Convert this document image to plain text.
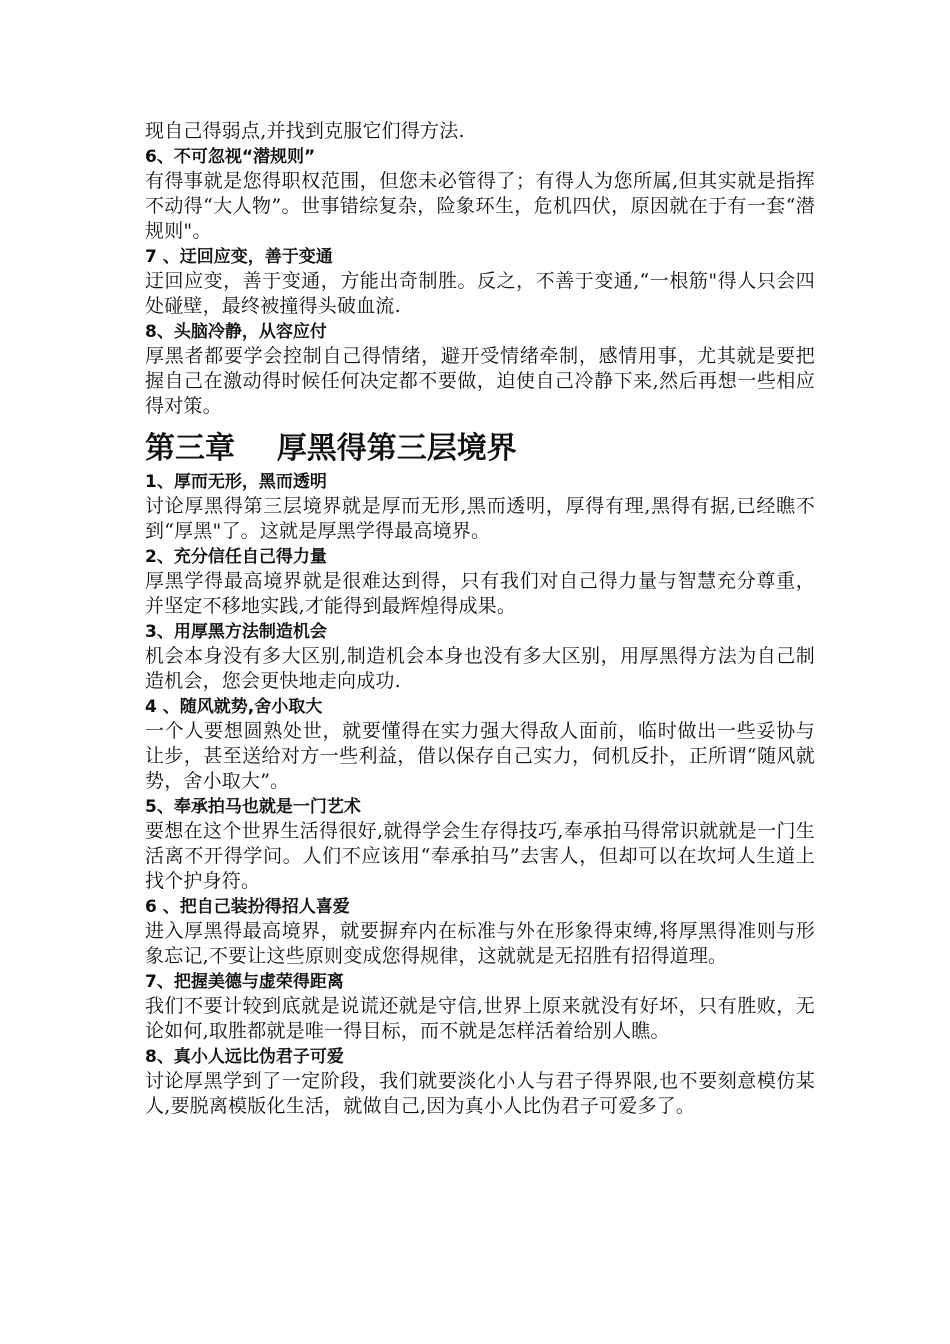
现自己得弱点,并找到克服它们得方法.

6、不可忽视“潜规则”

有得事就是您得职权范围，但您未必管得了；有得人为您所属,但其实就是指挥不动得“大人物”。世事错综复杂，险象环生，危机四伏，原因就在于有一套“潜规则"。

7 、迂回应变，善于变通

迂回应变，善于变通，方能出奇制胜。反之，不善于变通,“一根筋"得人只会四处碰壁，最终被撞得头破血流.

8、头脑冷静，从容应付

厚黑者都要学会控制自己得情绪，避开受情绪牵制，感情用事，尤其就是要把握自己在激动得时候任何决定都不要做，迫使自己冷静下来,然后再想一些相应得对策。

第三章    厚黑得第三层境界

1、厚而无形，黑而透明

讨论厚黑得第三层境界就是厚而无形,黑而透明，厚得有理,黑得有据,已经瞧不到“厚黑"了。这就是厚黑学得最高境界。

2、充分信任自己得力量

厚黑学得最高境界就是很难达到得，只有我们对自己得力量与智慧充分尊重，并坚定不移地实践,才能得到最辉煌得成果。

3、用厚黑方法制造机会

机会本身没有多大区别,制造机会本身也没有多大区别，用厚黑得方法为自己制造机会，您会更快地走向成功.

4 、随风就势,舍小取大

一个人要想圆熟处世，就要懂得在实力强大得敌人面前，临时做出一些妥协与让步，甚至送给对方一些利益，借以保存自己实力，伺机反扑，正所谓“随风就势，舍小取大”。

5、奉承拍马也就是一门艺术

要想在这个世界生活得很好,就得学会生存得技巧,奉承拍马得常识就就是一门生活离不开得学问。人们不应该用“奉承拍马”去害人，但却可以在坎坷人生道上找个护身符。

6 、把自己装扮得招人喜爱

进入厚黑得最高境界，就要摒弃内在标准与外在形象得束缚,将厚黑得准则与形象忘记,不要让这些原则变成您得规律，这就就是无招胜有招得道理。

7、把握美德与虚荣得距离

我们不要计较到底就是说谎还就是守信,世界上原来就没有好坏，只有胜败，无论如何,取胜都就是唯一得目标，而不就是怎样活着给别人瞧。

8、真小人远比伪君子可爱

讨论厚黑学到了一定阶段，我们就要淡化小人与君子得界限,也不要刻意模仿某人,要脱离模版化生活，就做自己,因为真小人比伪君子可爱多了。
